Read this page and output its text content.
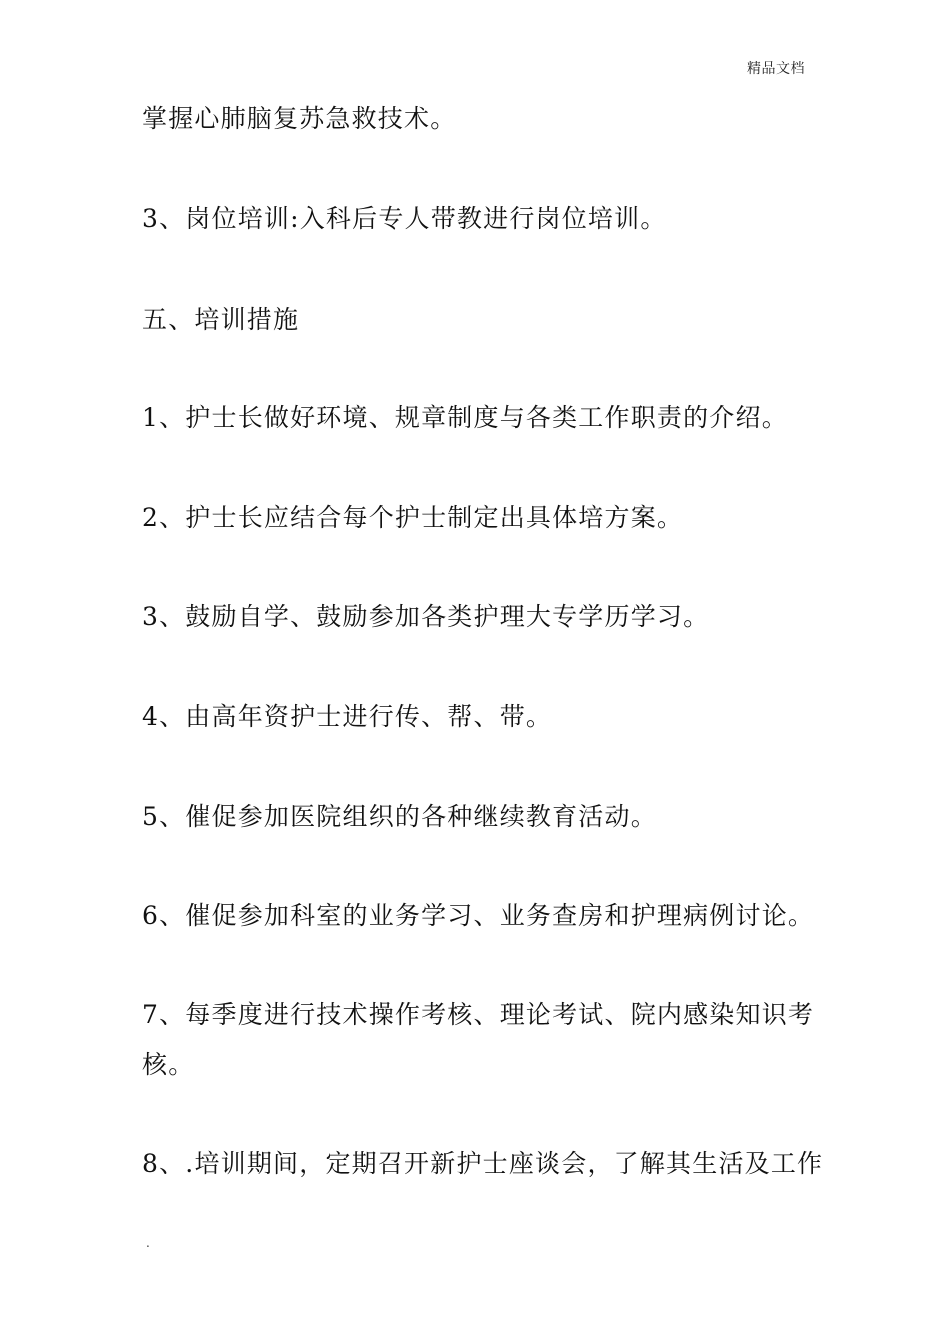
精品文档
掌握心肺脑复苏急救技术。
3、岗位培训:入科后专人带教进行岗位培训。
五、培训措施
1、护士长做好环境、规章制度与各类工作职责的介绍。
2、护士长应结合每个护士制定出具体培方案。
3、鼓励自学、鼓励参加各类护理大专学历学习。
4、由高年资护士进行传、帮、带。
5、催促参加医院组织的各种继续教育活动。
6、催促参加科室的业务学习、业务查房和护理病例讨论。
7、每季度进行技术操作考核、理论考试、院内感染知识考
核。
8、.培训期间，定期召开新护士座谈会，了解其生活及工作
.
